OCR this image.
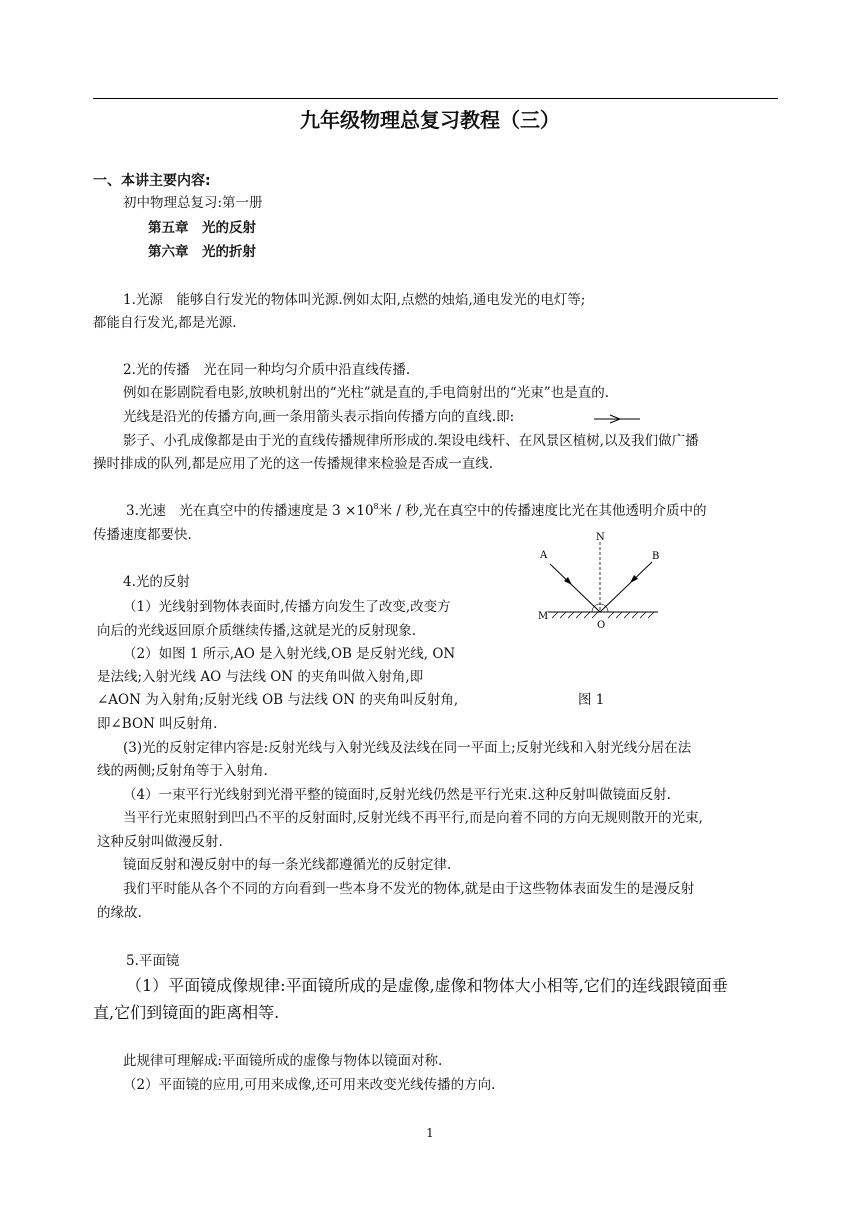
九年级物理总复习教程（三）
一、本讲主要内容:
初中物理总复习:第一册
第五章　光的反射
第六章　光的折射
1.光源　能够自行发光的物体叫光源.例如太阳,点燃的烛焰,通电发光的电灯等;
都能自行发光,都是光源.
2.光的传播　光在同一种均匀介质中沿直线传播.
例如在影剧院看电影,放映机射出的“光柱”就是直的,手电筒射出的“光束”也是直的.
光线是沿光的传播方向,画一条用箭头表示指向传播方向的直线.即:
影子、小孔成像都是由于光的直线传播规律所形成的.架设电线杆、在风景区植树,以及我们做广播
操时排成的队列,都是应用了光的这一传播规律来检验是否成一直线.
3.光速　光在真空中的传播速度是 $3 \times 10^8$米 / 秒,光在真空中的传播速度比光在其他透明介质中的
传播速度都要快.	N
A	B
M
O
图 1
4.光的反射
（1）光线射到物体表面时,传播方向发生了改变,改变方
向后的光线返回原介质继续传播,这就是光的反射现象.
（2）如图 1 所示,AO 是入射光线,OB 是反射光线, ON
是法线;入射光线 AO 与法线 ON 的夹角叫做入射角,即
∠AON 为入射角;反射光线 OB 与法线 ON 的夹角叫反射角,
即∠BON 叫反射角.
(3)光的反射定律内容是:反射光线与入射光线及法线在同一平面上;反射光线和入射光线分居在法
线的两侧;反射角等于入射角.
（4）一束平行光线射到光滑平整的镜面时,反射光线仍然是平行光束.这种反射叫做镜面反射.
当平行光束照射到凹凸不平的反射面时,反射光线不再平行,而是向着不同的方向无规则散开的光束,
这种反射叫做漫反射.
镜面反射和漫反射中的每一条光线都遵循光的反射定律.
我们平时能从各个不同的方向看到一些本身不发光的物体,就是由于这些物体表面发生的是漫反射
的缘故.
5.平面镜
（1）平面镜成像规律:平面镜所成的是虚像,虚像和物体大小相等,它们的连线跟镜面垂
直,它们到镜面的距离相等.
此规律可理解成:平面镜所成的虚像与物体以镜面对称.
（2）平面镜的应用,可用来成像,还可用来改变光线传播的方向.
1
